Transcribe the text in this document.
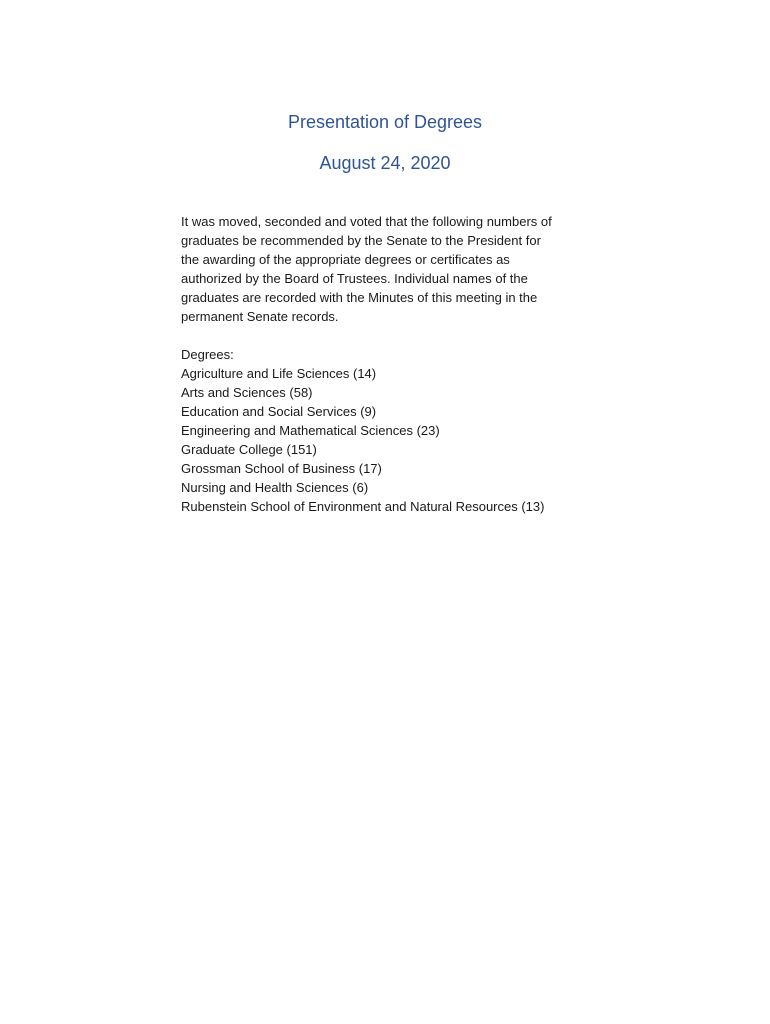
Presentation of Degrees
August 24, 2020

It was moved, seconded and voted that the following numbers of
graduates be recommended by the Senate to the President for
the awarding of the appropriate degrees or certificates as
authorized by the Board of Trustees. Individual names of the
graduates are recorded with the Minutes of this meeting in the
permanent Senate records.

Degrees:
Agriculture and Life Sciences (14)
Arts and Sciences (58)
Education and Social Services (9)
Engineering and Mathematical Sciences (23)
Graduate College (151)
Grossman School of Business (17)
Nursing and Health Sciences (6)
Rubenstein School of Environment and Natural Resources (13)
